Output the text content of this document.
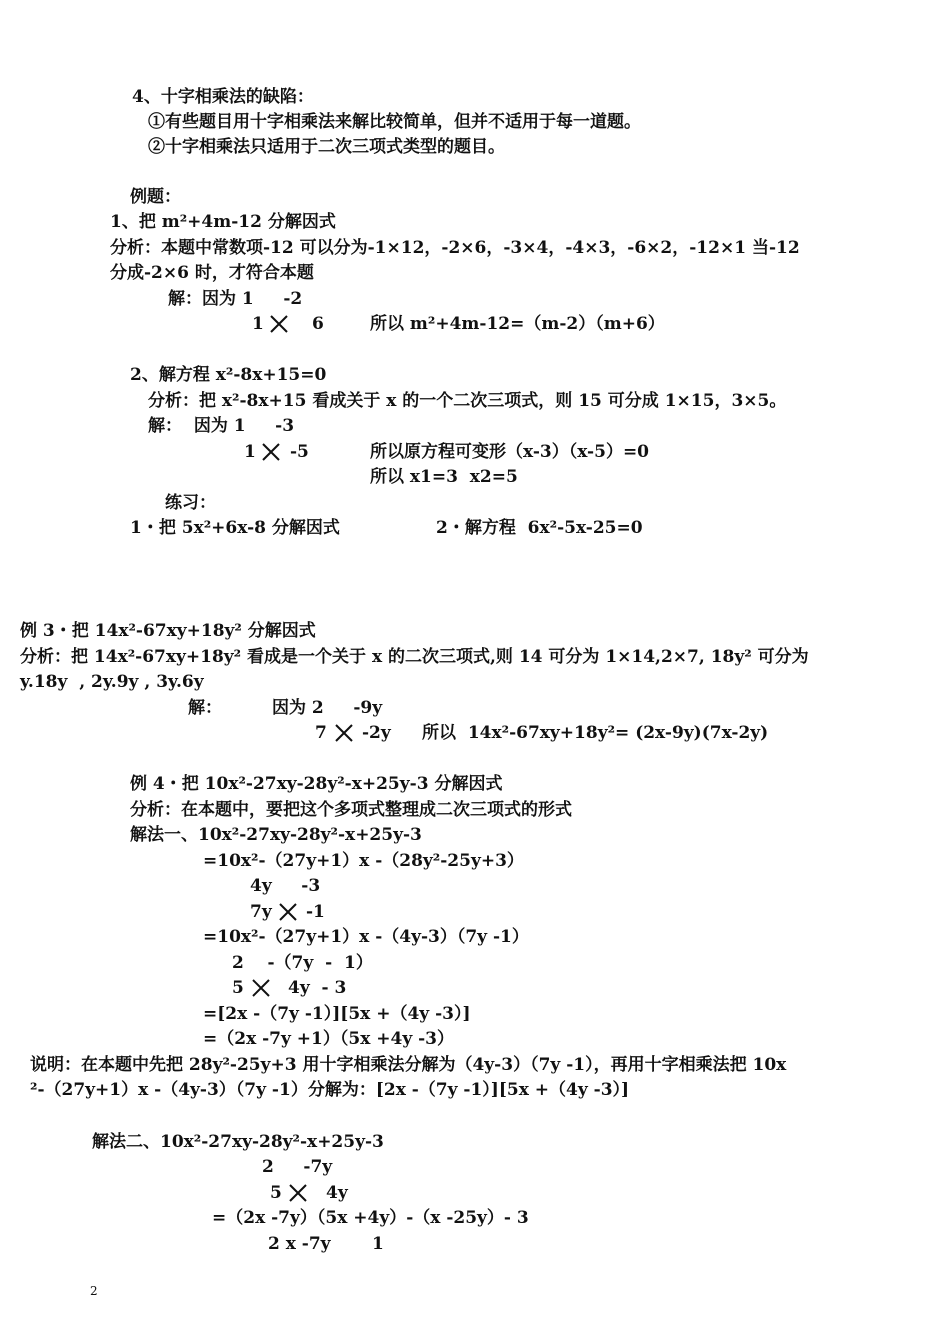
4、十字相乘法的缺陷：
①有些题目用十字相乘法来解比较简单，但并不适用于每一道题。
②十字相乘法只适用于二次三项式类型的题目。
例题：
1、把 m²+4m-12 分解因式
分析：本题中常数项-12 可以分为-1×12，-2×6，-3×4，-4×3，-6×2，-12×1 当-12
分成-2×6 时，才符合本题
解：因为 1     -2
1	6	所以 m²+4m-12=（m-2）（m+6）
2、解方程 x²-8x+15=0
分析：把 x²-8x+15 看成关于 x 的一个二次三项式，则 15 可分成 1×15，3×5。
解：  因为 1     -3
1 -5	所以原方程可变形（x-3）（x-5）=0
所以 x1=3  x2=5
练习：
1・把 5x²+6x-8 分解因式	2・解方程  6x²-5x-25=0
例 3・把 14x²-67xy+18y² 分解因式
分析：把 14x²-67xy+18y² 看成是一个关于 x 的二次三项式,则 14 可分为 1×14,2×7, 18y² 可分为
y.18y  , 2y.9y , 3y.6y
解：	因为 2     -9y
7 -2y 所以  14x²-67xy+18y²= (2x-9y)(7x-2y)
例 4・把 10x²-27xy-28y²-x+25y-3 分解因式
分析：在本题中，要把这个多项式整理成二次三项式的形式
解法一、10x²-27xy-28y²-x+25y-3
=10x²-（27y+1）x -（28y²-25y+3）
4y     -3
7y -1
=10x²-（27y+1）x -（4y-3）（7y -1）
2    -（7y  -  1）
5	4y  - 3
=[2x -（7y -1）][5x +（4y -3）]
=（2x -7y +1）（5x +4y -3）
说明：在本题中先把 28y²-25y+3 用十字相乘法分解为（4y-3）（7y -1），再用十字相乘法把 10x
²-（27y+1）x -（4y-3）（7y -1）分解为：[2x -（7y -1）][5x +（4y -3）]
解法二、10x²-27xy-28y²-x+25y-3
2     -7y
5	4y
=（2x -7y）（5x +4y）-（x -25y）- 3
2 x -7y       1
2
